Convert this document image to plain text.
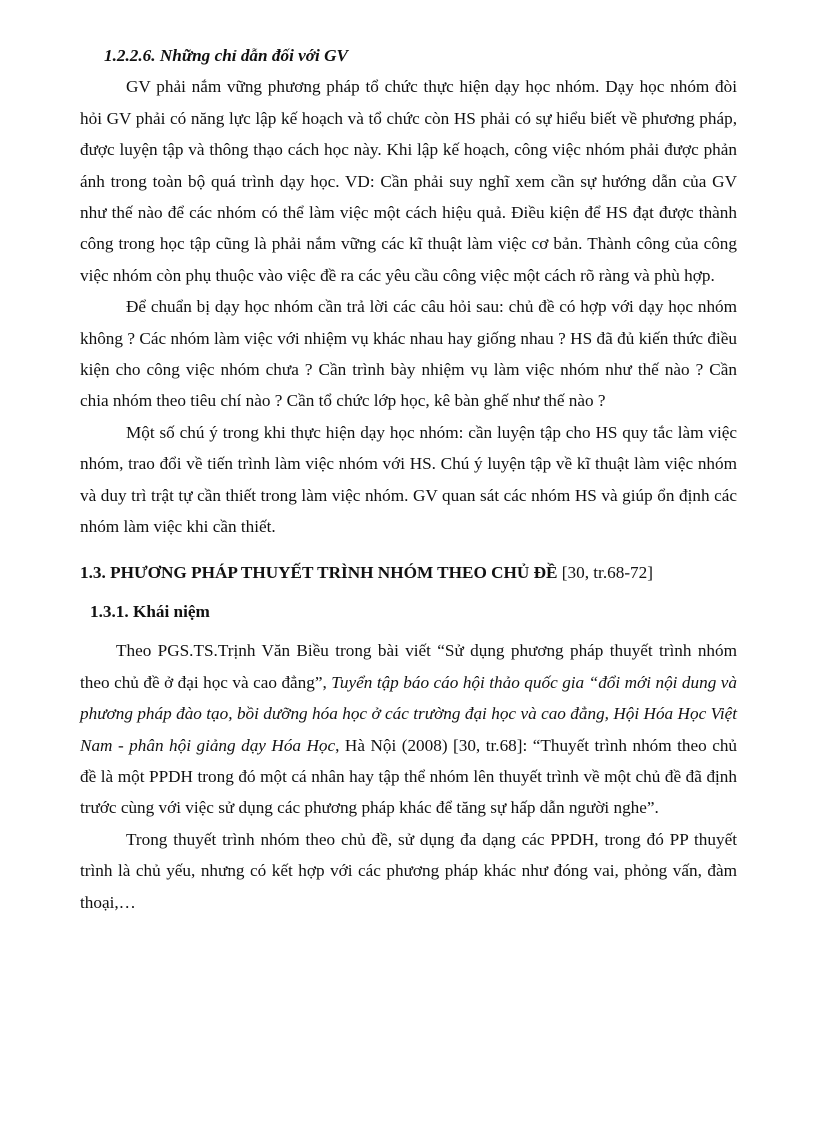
1.2.2.6. Những chỉ dẫn đối với GV

GV phải nắm vững phương pháp tổ chức thực hiện dạy học nhóm. Dạy học nhóm đòi hỏi GV phải có năng lực lập kế hoạch và tổ chức còn HS phải có sự hiểu biết về phương pháp, được luyện tập và thông thạo cách học này. Khi lập kế hoạch, công việc nhóm phải được phản ánh trong toàn bộ quá trình dạy học. VD: Cần phải suy nghĩ xem cần sự hướng dẫn của GV như thế nào để các nhóm có thể làm việc một cách hiệu quả. Điều kiện để HS đạt được thành công trong học tập cũng là phải nắm vững các kĩ thuật làm việc cơ bản. Thành công của công việc nhóm còn phụ thuộc vào việc đề ra các yêu cầu công việc một cách rõ ràng và phù hợp.

Để chuẩn bị dạy học nhóm cần trả lời các câu hỏi sau: chủ đề có hợp với dạy học nhóm không ? Các nhóm làm việc với nhiệm vụ khác nhau hay giống nhau ? HS đã đủ kiến thức điều kiện cho công việc nhóm chưa ? Cần trình bày nhiệm vụ làm việc nhóm như thế nào ? Cần chia nhóm theo tiêu chí nào ? Cần tổ chức lớp học, kê bàn ghế như thế nào ?

Một số chú ý trong khi thực hiện dạy học nhóm: cần luyện tập cho HS quy tắc làm việc nhóm, trao đổi về tiến trình làm việc nhóm với HS. Chú ý luyện tập về kĩ thuật làm việc nhóm và duy trì trật tự cần thiết trong làm việc nhóm. GV quan sát các nhóm HS và giúp ổn định các nhóm làm việc khi cần thiết.

1.3. PHƯƠNG PHÁP THUYẾT TRÌNH NHÓM THEO CHỦ ĐỀ [30, tr.68-72]
1.3.1. Khái niệm

Theo PGS.TS.Trịnh Văn Biều trong bài viết “Sử dụng phương pháp thuyết trình nhóm theo chủ đề ở đại học và cao đẳng”, Tuyển tập báo cáo hội thảo quốc gia “đổi mới nội dung và phương pháp đào tạo, bồi dưỡng hóa học ở các trường đại học và cao đẳng, Hội Hóa Học Việt Nam - phân hội giảng dạy Hóa Học, Hà Nội (2008) [30, tr.68]: “Thuyết trình nhóm theo chủ đề là một PPDH trong đó một cá nhân hay tập thể nhóm lên thuyết trình về một chủ đề đã định trước cùng với việc sử dụng các phương pháp khác để tăng sự hấp dẫn người nghe”.

Trong thuyết trình nhóm theo chủ đề, sử dụng đa dạng các PPDH, trong đó PP thuyết trình là chủ yếu, nhưng có kết hợp với các phương pháp khác như đóng vai, phỏng vấn, đàm thoại,…
